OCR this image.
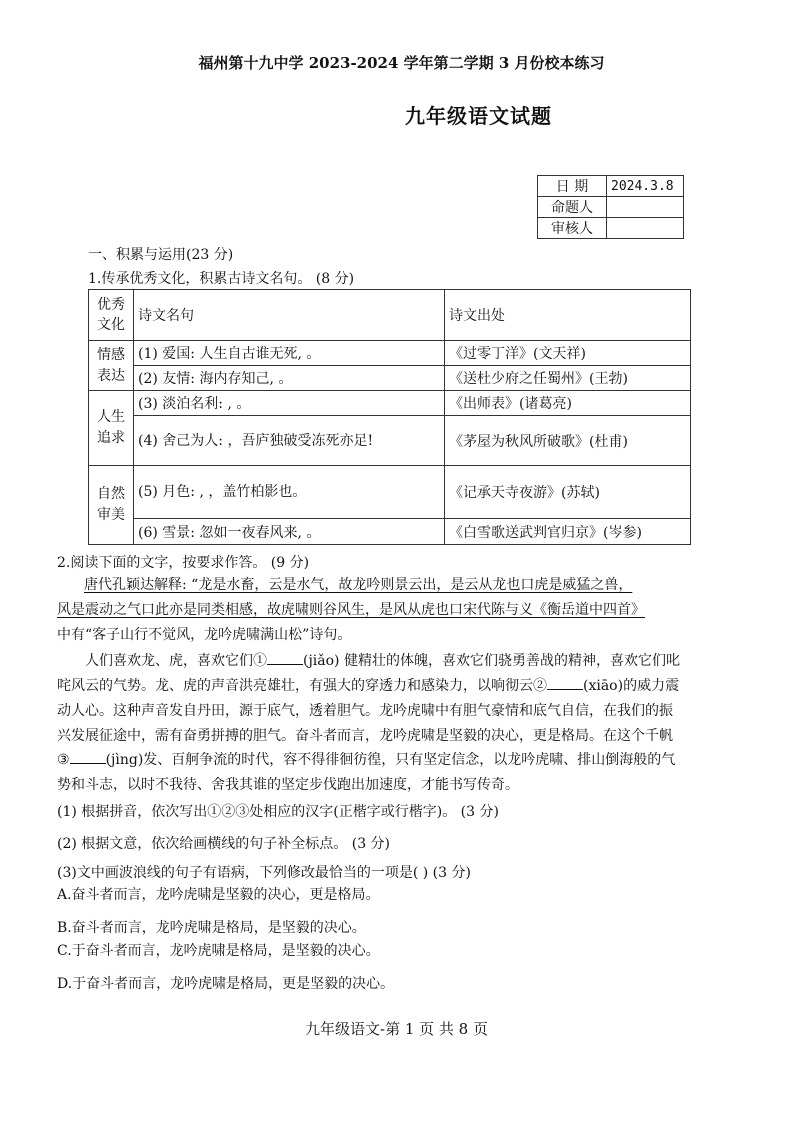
福州第十九中学 2023-2024 学年第二学期 3 月份校本练习
九年级语文试题
日 期	2024.3.8
命题人	
审核人	
一、积累与运用(23 分)
1.传承优秀文化，积累古诗文名句。 (8 分)
优秀文化	诗文名句	诗文出处
情感表达	(1) 爱国: 人生自古谁无死, 。	《过零丁洋》(文天祥)
	(2) 友情: 海内存知己, 。	《送杜少府之任蜀州》(王勃)
人生追求	(3) 淡泊名利: , 。	《出师表》(诸葛亮)
	(4) 舍己为人: ，吾庐独破受冻死亦足!	《茅屋为秋风所破歌》(杜甫)
自然审美	(5) 月色: , ，盖竹柏影也。	《记承天寺夜游》(苏轼)
	(6) 雪景: 忽如一夜春风来, 。	《白雪歌送武判官归京》(岑参)
2.阅读下面的文字，按要求作答。 (9 分)
唐代孔颖达解释: “龙是水畜，云是水气，故龙吟则景云出，是云从龙也口虎是威猛之兽，
风是震动之气口此亦是同类相感，故虎啸则谷风生，是风从虎也口宋代陈与义《衡岳道中四首》
中有“客子山行不觉风，龙吟虎啸满山松”诗句。
人们喜欢龙、虎，喜欢它们①	(jiǎo) 健精壮的体魄，喜欢它们骁勇善战的精神，喜欢它们叱
咤风云的气势。龙、虎的声音洪亮雄壮，有强大的穿透力和感染力，以响彻云②	(xiāo)的威力震
动人心。这种声音发自丹田，源于底气，透着胆气。龙吟虎啸中有胆气豪情和底气自信，在我们的振
兴发展征途中，需有奋勇拼搏的胆气。奋斗者而言，龙吟虎啸是坚毅的决心，更是格局。在这个千帆
③	(jìng)发、百舸争流的时代，容不得徘徊彷徨，只有坚定信念，以龙吟虎啸、排山倒海般的气
势和斗志，以时不我待、舍我其谁的坚定步伐跑出加速度，才能书写传奇。
(1) 根据拼音，依次写出①②③处相应的汉字(正楷字或行楷字)。 (3 分)
(2) 根据文意，依次给画横线的句子补全标点。 (3 分)
(3)文中画波浪线的句子有语病，下列修改最恰当的一项是( ) (3 分)
A.奋斗者而言，龙吟虎啸是坚毅的决心，更是格局。
B.奋斗者而言，龙吟虎啸是格局，是坚毅的决心。
C.于奋斗者而言，龙吟虎啸是格局，是坚毅的决心。
D.于奋斗者而言，龙吟虎啸是格局，更是坚毅的决心。
九年级语文-第 1 页 共 8 页
